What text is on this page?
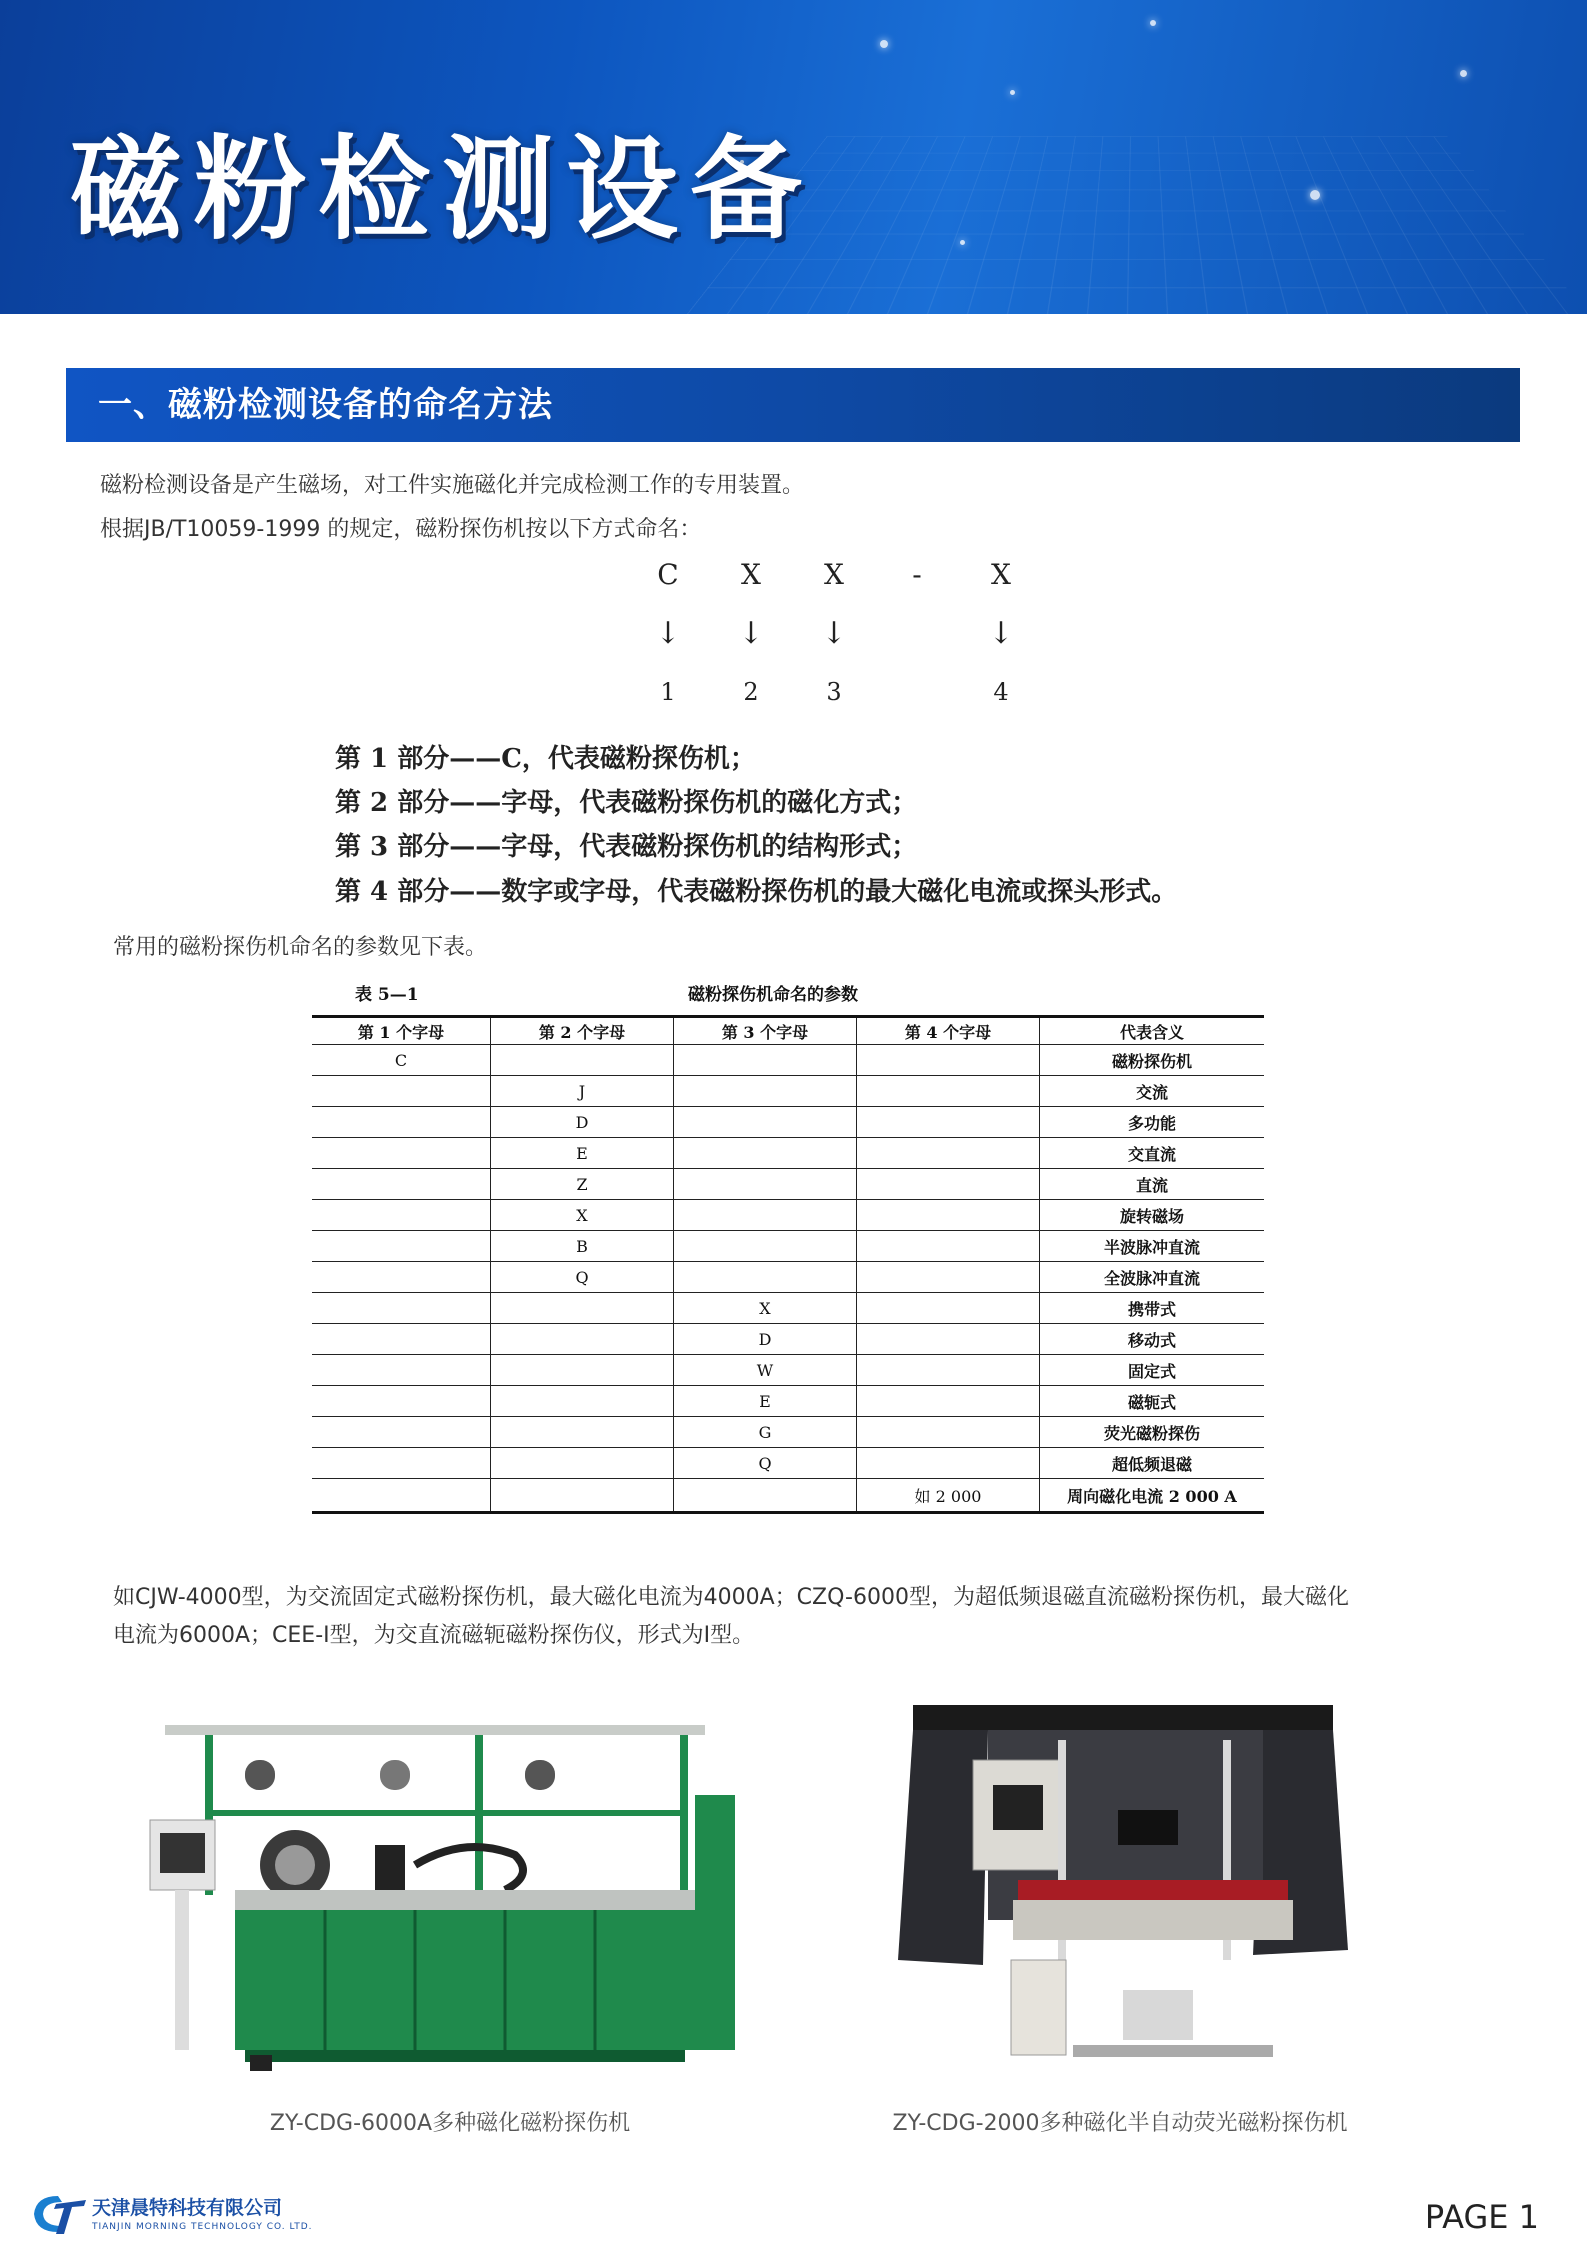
磁粉检测设备
一、磁粉检测设备的命名方法

磁粉检测设备是产生磁场，对工件实施磁化并完成检测工作的专用装置。

根据JB/T10059-1999 的规定，磁粉探伤机按以下方式命名：

C	X	X	-	X
↓ ↓ ↓	↓
1	2	3	4

第 1 部分——C，代表磁粉探伤机；

第 2 部分——字母，代表磁粉探伤机的磁化方式；

第 3 部分——字母，代表磁粉探伤机的结构形式；

第 4 部分——数字或字母，代表磁粉探伤机的最大磁化电流或探头形式。

常用的磁粉探伤机命名的参数见下表。

表 5—1	磁粉探伤机命名的参数
第 1 个字母	第 2 个字母	第 3 个字母	第 4 个字母	代表含义
C				磁粉探伤机
	J			交流
	D			多功能
	E			交直流
	Z			直流
	X			旋转磁场
	B			半波脉冲直流
	Q			全波脉冲直流
		X		携带式
		D		移动式
		W		固定式
		E		磁轭式
		G		荧光磁粉探伤
		Q		超低频退磁
			如 2 000	周向磁化电流 2 000 A

如CJW-4000型，为交流固定式磁粉探伤机，最大磁化电流为4000A；CZQ-6000型，为超低频退磁直流磁粉探伤机，最大磁化

电流为6000A；CEE-Ⅰ型，为交直流磁轭磁粉探伤仪，形式为Ⅰ型。

ZY-CDG-6000A多种磁化磁粉探伤机	ZY-CDG-2000多种磁化半自动荧光磁粉探伤机

天津晨特科技有限公司

TIANJIN MORNING TECHNOLOGY CO. LTD.	PAGE 1
